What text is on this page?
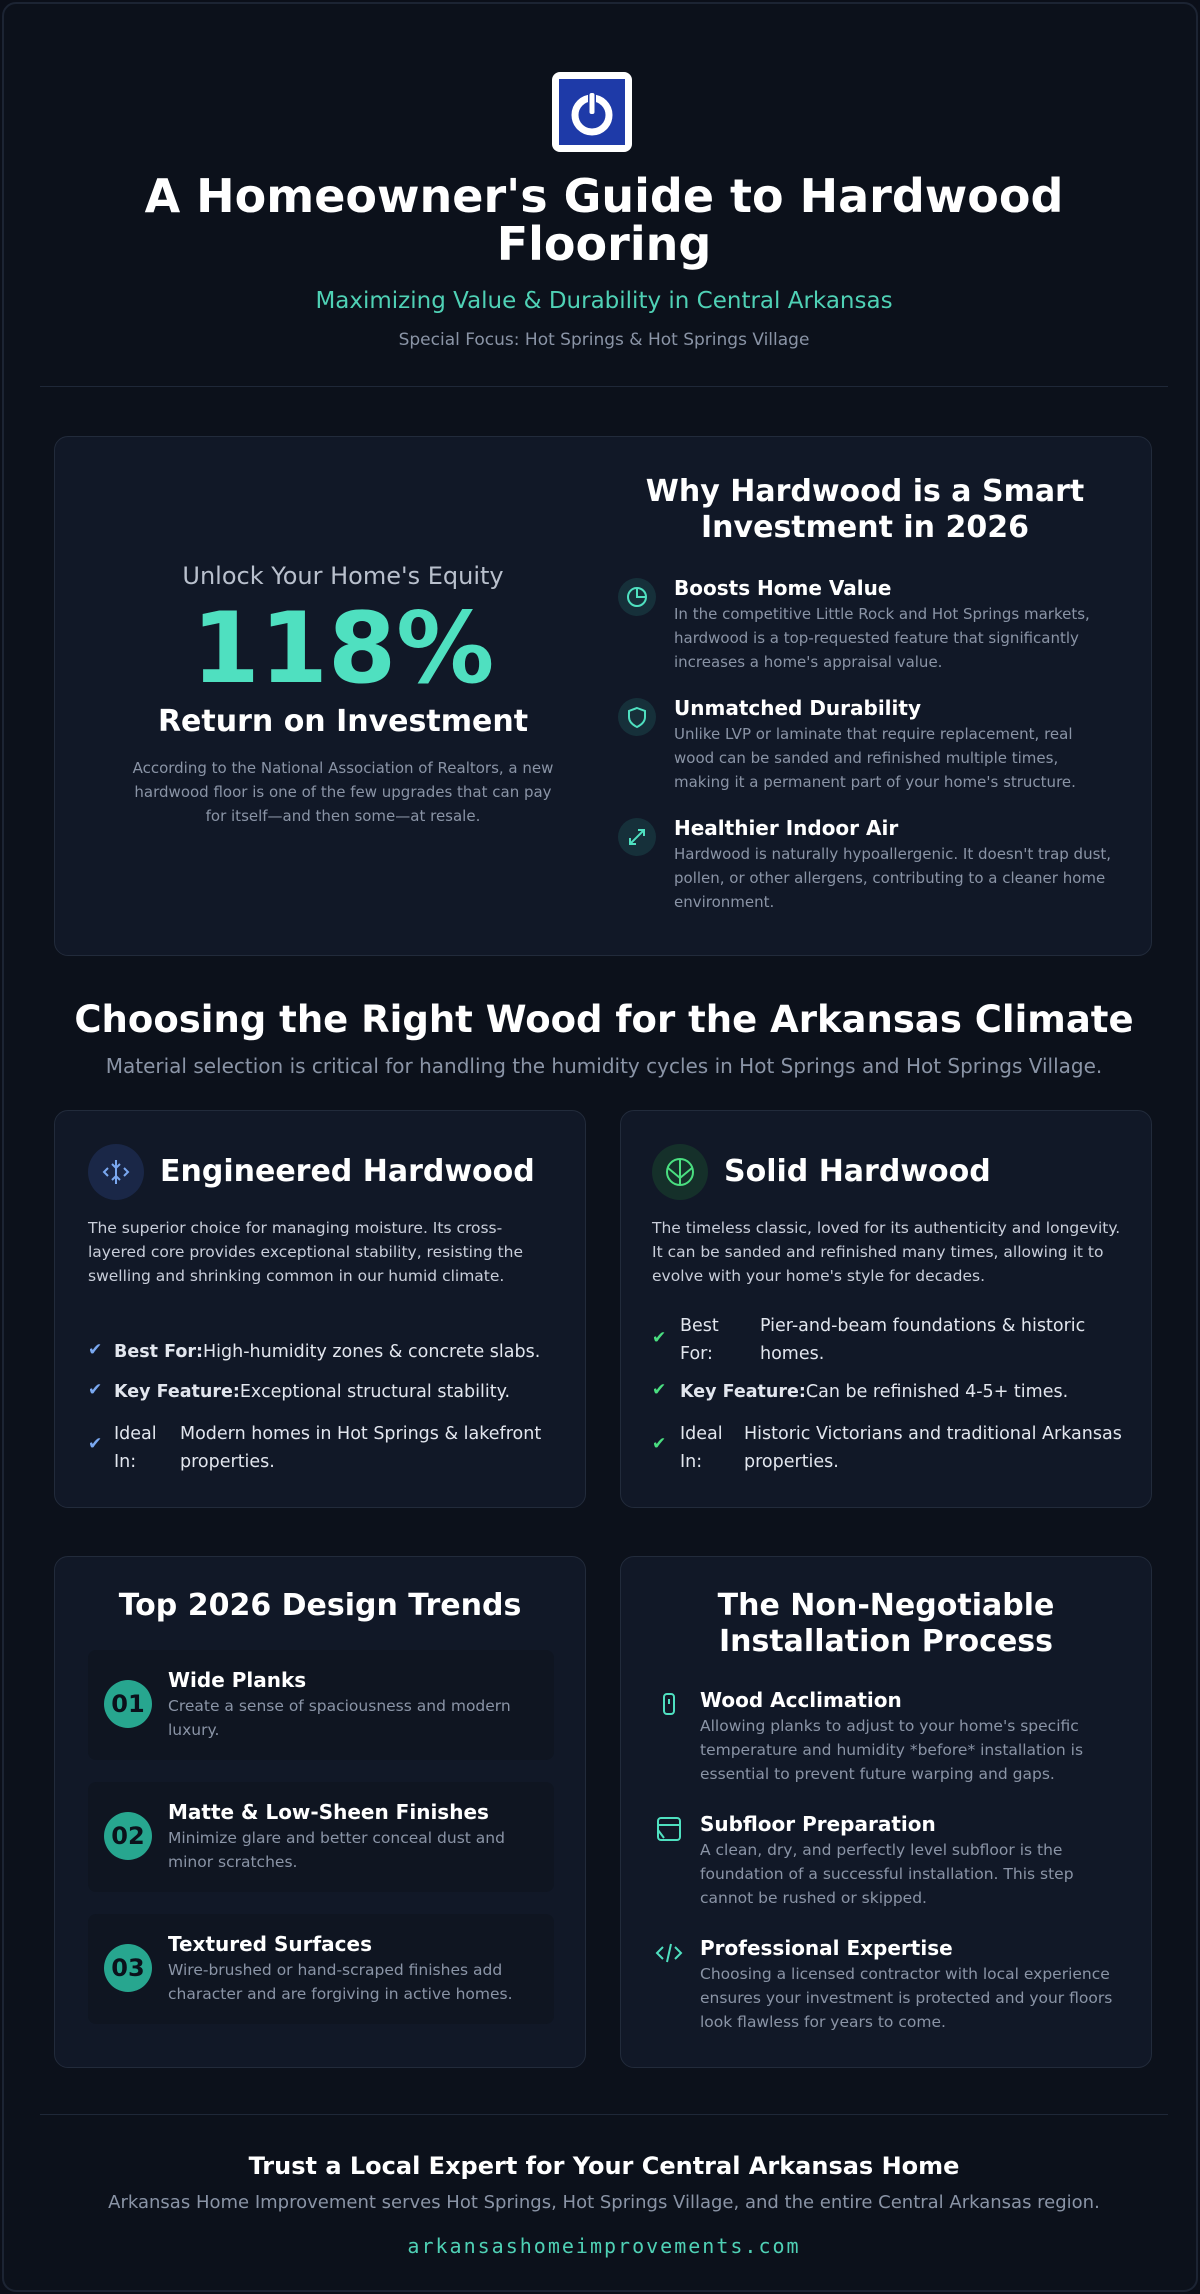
A Homeowner's Guide to Hardwood Flooring
Maximizing Value & Durability in Central Arkansas
Special Focus: Hot Springs & Hot Springs Village
Unlock Your Home's Equity
118%
Return on Investment
According to the National Association of Realtors, a new hardwood floor is one of the few upgrades that can pay for itself—and then some—at resale.
Why Hardwood is a Smart Investment in 2026
Boosts Home Value
In the competitive Little Rock and Hot Springs markets, hardwood is a top-requested feature that significantly increases a home's appraisal value.
Unmatched Durability
Unlike LVP or laminate that require replacement, real wood can be sanded and refinished multiple times, making it a permanent part of your home's structure.
Healthier Indoor Air
Hardwood is naturally hypoallergenic. It doesn't trap dust, pollen, or other allergens, contributing to a cleaner home environment.
Choosing the Right Wood for the Arkansas Climate
Material selection is critical for handling the humidity cycles in Hot Springs and Hot Springs Village.
Engineered Hardwood
The superior choice for managing moisture. Its cross-layered core provides exceptional stability, resisting the swelling and shrinking common in our humid climate.
✔ Best For:High-humidity zones & concrete slabs.
✔ Key Feature:Exceptional structural stability.
✔ Ideal In:
Modern homes in Hot Springs & lakefront properties.
Solid Hardwood
The timeless classic, loved for its authenticity and longevity. It can be sanded and refinished many times, allowing it to evolve with your home's style for decades.
✔
Best For:
Pier-and-beam foundations & historic homes.
✔ Key Feature:Can be refinished 4-5+ times.
✔ Ideal In:
Historic Victorians and traditional Arkansas properties.
Top 2026 Design Trends
01
Wide Planks
Create a sense of spaciousness and modern luxury.
02
Matte & Low-Sheen Finishes
Minimize glare and better conceal dust and minor scratches.
03
Textured Surfaces
Wire-brushed or hand-scraped finishes add character and are forgiving in active homes.
The Non-Negotiable Installation Process
Wood Acclimation
Allowing planks to adjust to your home's specific temperature and humidity *before* installation is essential to prevent future warping and gaps.
Subfloor Preparation
A clean, dry, and perfectly level subfloor is the foundation of a successful installation. This step cannot be rushed or skipped.
Professional Expertise
Choosing a licensed contractor with local experience ensures your investment is protected and your floors look flawless for years to come.
Trust a Local Expert for Your Central Arkansas Home
Arkansas Home Improvement serves Hot Springs, Hot Springs Village, and the entire Central Arkansas region.
arkansashomeimprovements.com
